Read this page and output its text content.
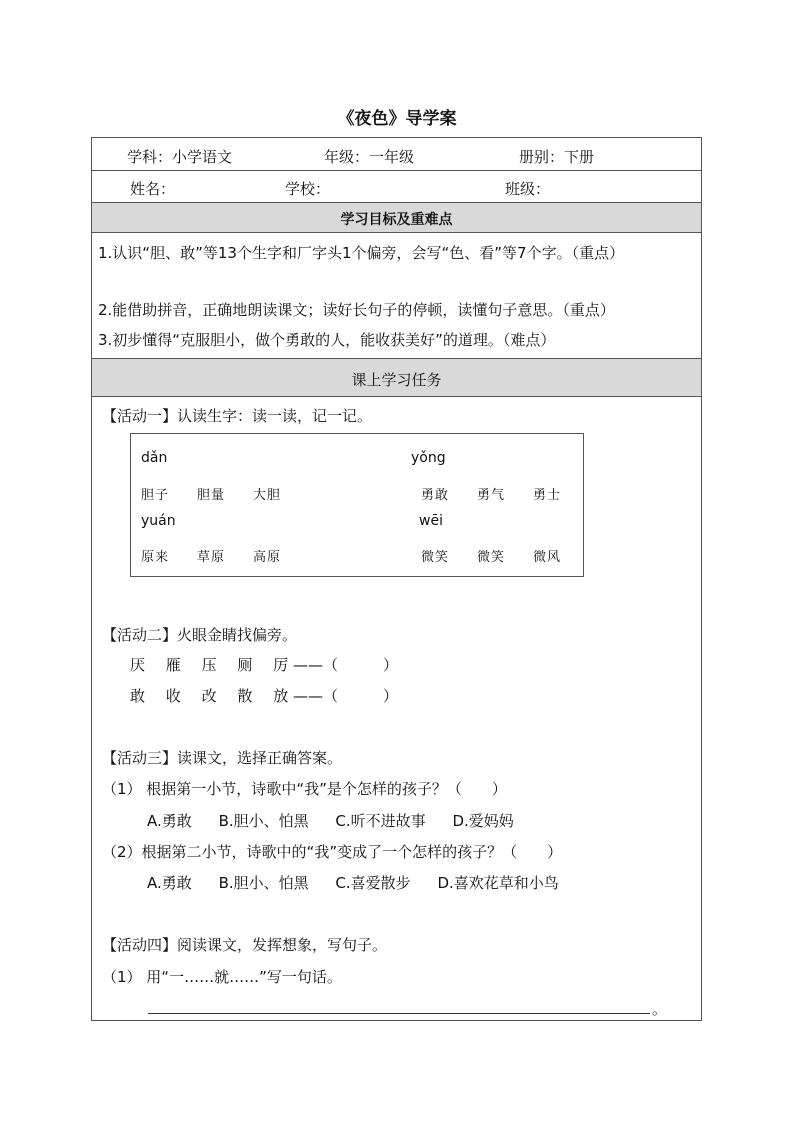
《夜色》导学案
学科：小学语文	年级：一年级	册别：下册
姓名：	学校：	班级：
学习目标及重难点
1.认识“胆、敢”等13个生字和厂字头1个偏旁，会写“色、看”等7个字。（重点）
2.能借助拼音，正确地朗读课文；读好长句子的停顿，读懂句子意思。（重点）
3.初步懂得“克服胆小，做个勇敢的人，能收获美好”的道理。（难点）
课上学习任务
【活动一】认读生字：读一读，记一记。
dǎn
胆子 胆量 大胆
yǒng
勇敢 勇气 勇士
yuán
原来 草原 高原
wēi
微笑 微笑 微风
【活动二】火眼金睛找偏旁。
厌 雁 压 厕 厉 ——（　　　）
敢 收 改 散 放 ——（　　　）
【活动三】读课文，选择正确答案。
（1） 根据第一小节，诗歌中“我”是个怎样的孩子？（　　）
A.勇敢 B.胆小、怕黑 C.听不进故事 D.爱妈妈
（2）根据第二小节，诗歌中的“我”变成了一个怎样的孩子？（　　）
A.勇敢 B.胆小、怕黑 C.喜爱散步 D.喜欢花草和小鸟
【活动四】阅读课文，发挥想象，写句子。
（1） 用“一……就……”写一句话。
。
